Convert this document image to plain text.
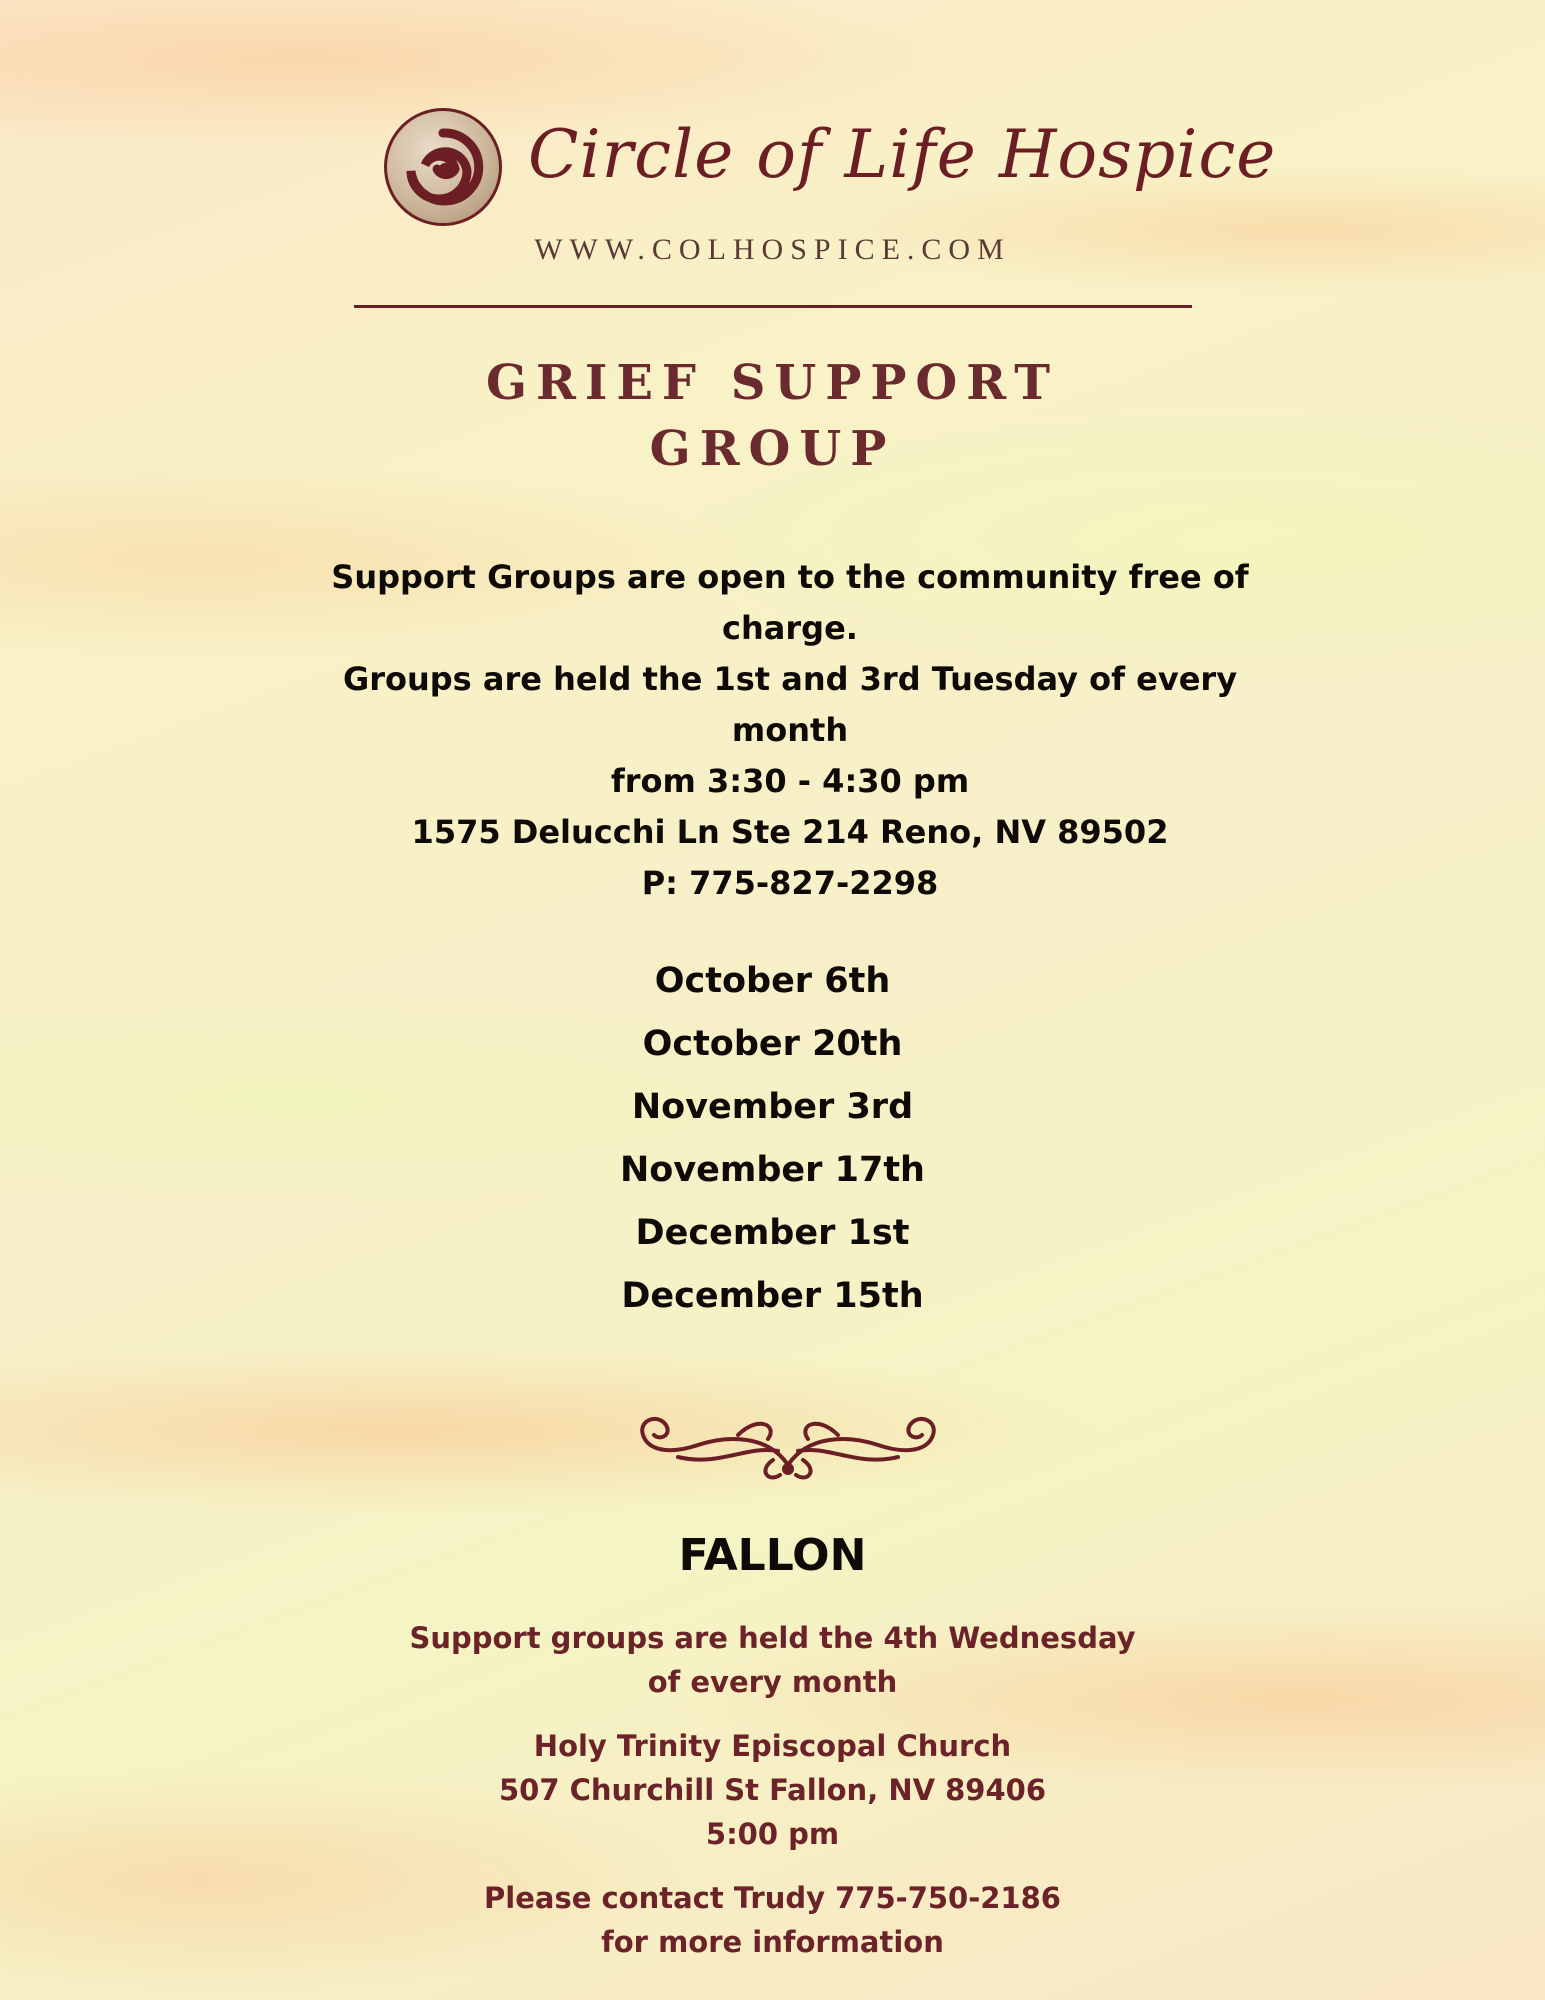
Circle of Life Hospice
WWW.COLHOSPICE.COM
GRIEF SUPPORT
GROUP
Support Groups are open to the community free of charge.
Groups are held the 1st and 3rd Tuesday of every month
from 3:30 - 4:30 pm
1575 Delucchi Ln Ste 214 Reno, NV 89502
P: 775-827-2298
October 6th
October 20th
November 3rd
November 17th
December 1st
December 15th
FALLON
Support groups are held the 4th Wednesday
of every month
Holy Trinity Episcopal Church
507 Churchill St Fallon, NV 89406
5:00 pm
Please contact Trudy 775-750-2186
for more information
